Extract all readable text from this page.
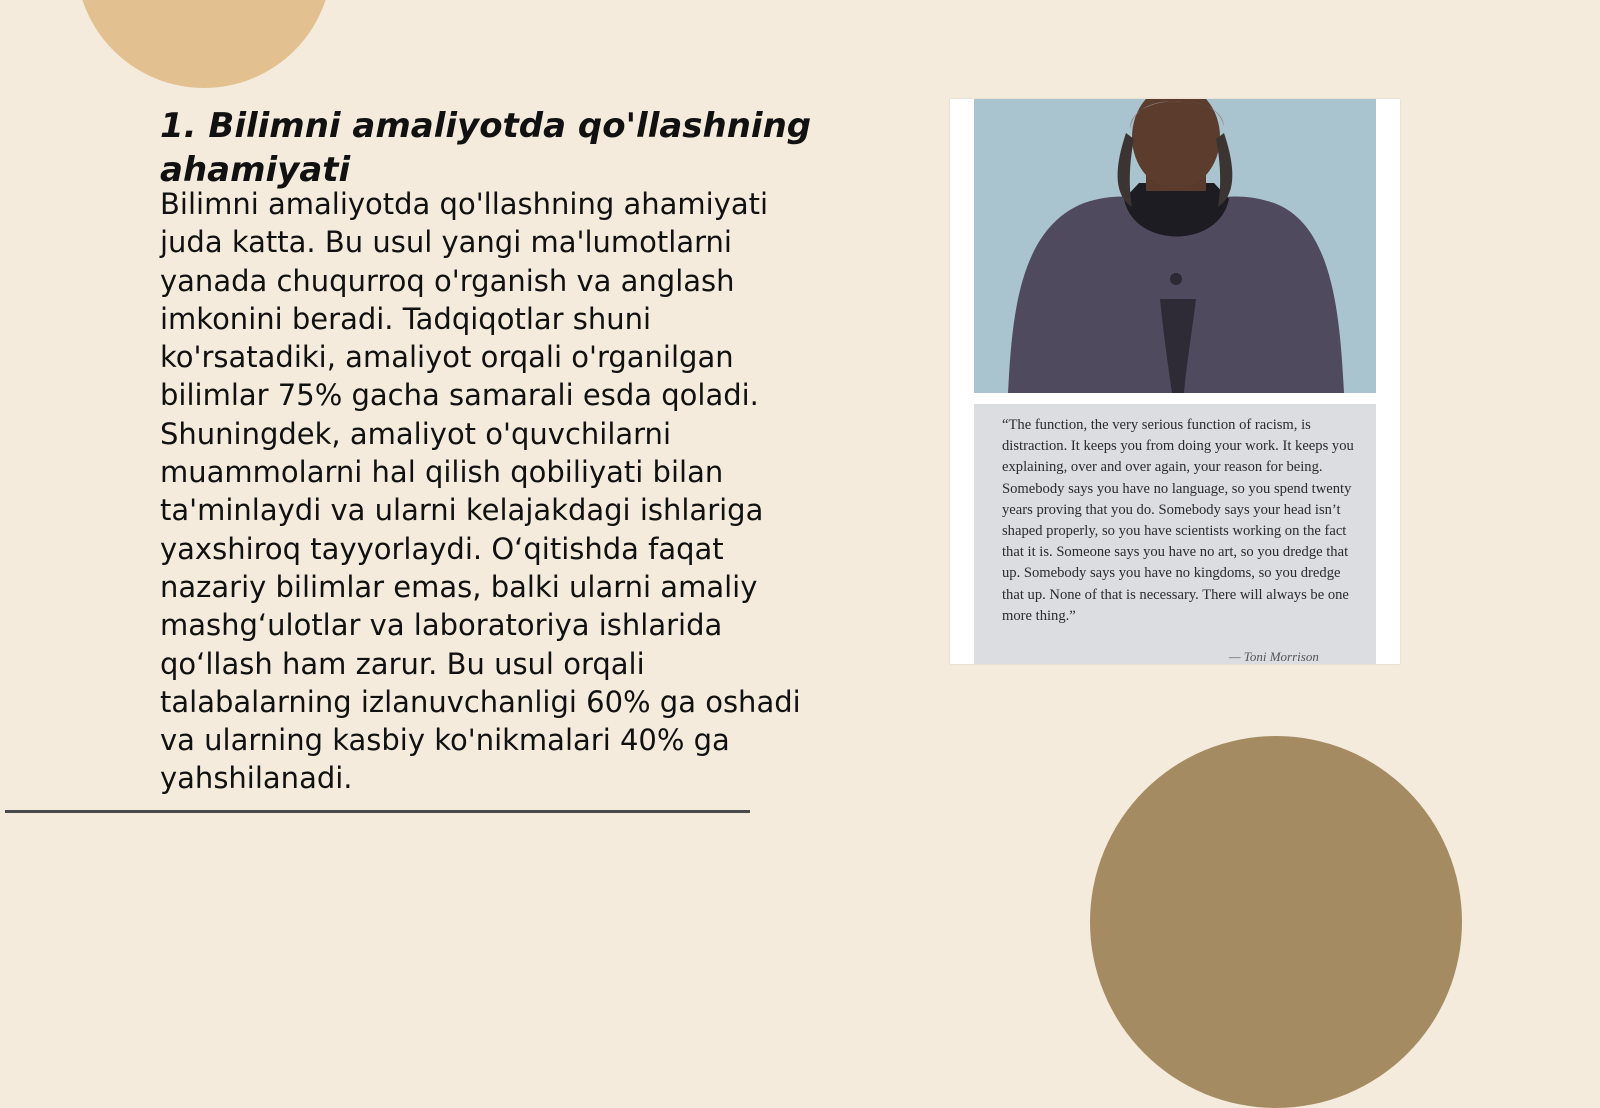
1. Bilimni amaliyotda qo'llashning ahamiyati

Bilimni amaliyotda qo'llashning ahamiyati juda katta. Bu usul yangi ma'lumotlarni yanada chuqurroq o'rganish va anglash imkonini beradi. Tadqiqotlar shuni ko'rsatadiki, amaliyot orqali o'rganilgan bilimlar 75% gacha samarali esda qoladi. Shuningdek, amaliyot o'quvchilarni muammolarni hal qilish qobiliyati bilan ta'minlaydi va ularni kelajakdagi ishlariga yaxshiroq tayyorlaydi. O‘qitishda faqat nazariy bilimlar emas, balki ularni amaliy mashg‘ulotlar va laboratoriya ishlarida qo‘llash ham zarur. Bu usul orqali talabalarning izlanuvchanligi 60% ga oshadi va ularning kasbiy ko'nikmalari 40% ga yahshilanadi.

“The function, the very serious function of racism, is distraction. It keeps you from doing your work. It keeps you explaining, over and over again, your reason for being. Somebody says you have no language, so you spend twenty years proving that you do. Somebody says your head isn’t shaped properly, so you have scientists working on the fact that it is. Someone says you have no art, so you dredge that up. Somebody says you have no kingdoms, so you dredge that up. None of that is necessary. There will always be one more thing.”

— Toni Morrison
